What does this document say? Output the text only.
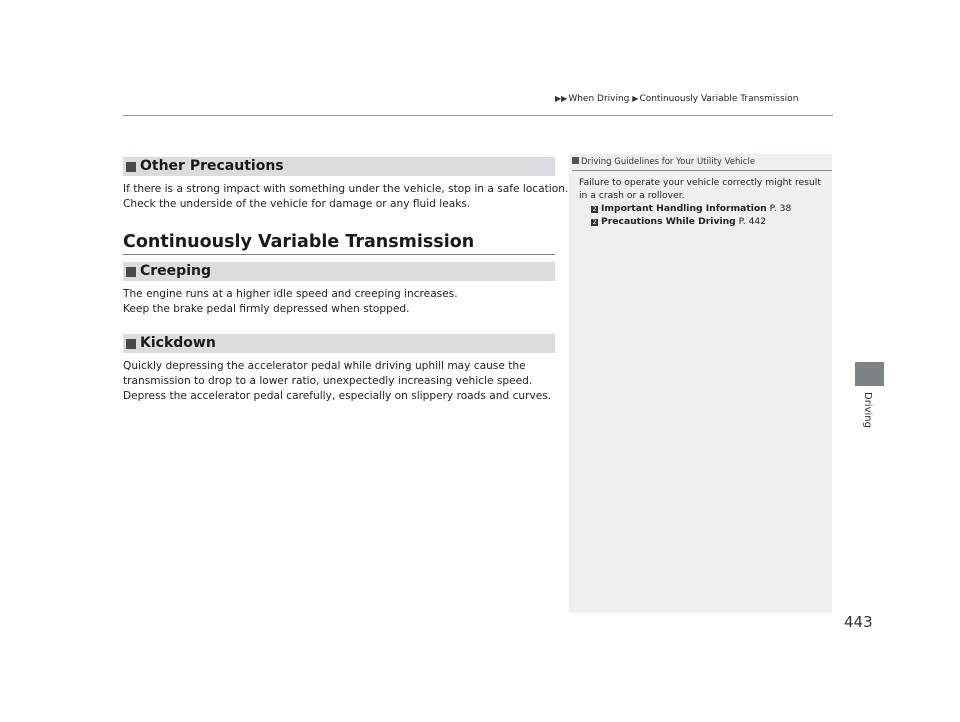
▶▶When Driving ▶Continuously Variable Transmission
Other Precautions
If there is a strong impact with something under the vehicle, stop in a safe location.
Check the underside of the vehicle for damage or any fluid leaks.
Continuously Variable Transmission
Creeping
The engine runs at a higher idle speed and creeping increases.
Keep the brake pedal firmly depressed when stopped.
Kickdown
Quickly depressing the accelerator pedal while driving uphill may cause the
transmission to drop to a lower ratio, unexpectedly increasing vehicle speed.
Depress the accelerator pedal carefully, especially on slippery roads and curves.
Driving Guidelines for Your Utility Vehicle
Failure to operate your vehicle correctly might result
in a crash or a rollover.
2 Important Handling Information P. 38
2 Precautions While Driving P. 442
Driving
443
